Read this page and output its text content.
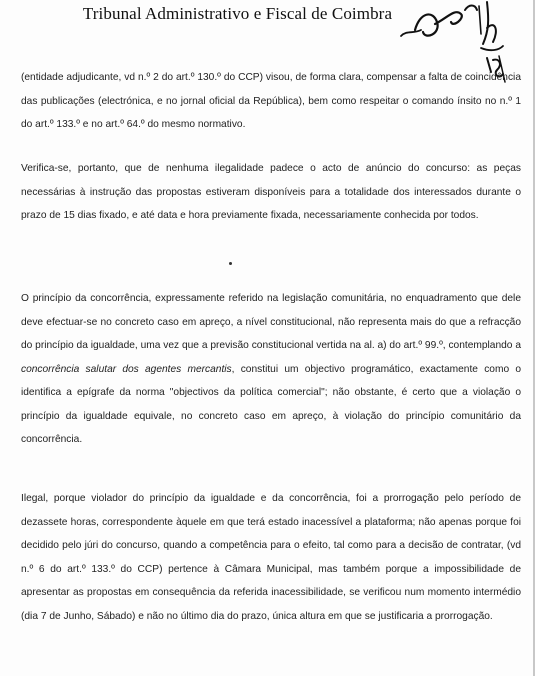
Tribunal Administrativo e Fiscal de Coimbra
(entidade adjudicante, vd n.º 2 do art.º 130.º do CCP) visou, de forma clara, compensar a falta de coincidência das publicações (electrónica, e no jornal oficial da República), bem como respeitar o comando ínsito no n.º 1 do art.º 133.º e no art.º 64.º do mesmo normativo.
Verifica-se, portanto, que de nenhuma ilegalidade padece o acto de anúncio do concurso: as peças necessárias à instrução das propostas estiveram disponíveis para a totalidade dos interessados durante o prazo de 15 dias fixado, e até data e hora previamente fixada, necessariamente conhecida por todos.
O princípio da concorrência, expressamente referido na legislação comunitária, no enquadramento que dele deve efectuar-se no concreto caso em apreço, a nível constitucional, não representa mais do que a refracção do princípio da igualdade, uma vez que a previsão constitucional vertida na al. a) do art.º 99.º, contemplando a concorrência salutar dos agentes mercantis, constitui um objectivo programático, exactamente como o identifica a epígrafe da norma "objectivos da política comercial"; não obstante, é certo que a violação o princípio da igualdade equivale, no concreto caso em apreço, à violação do princípio comunitário da concorrência.
Ilegal, porque violador do princípio da igualdade e da concorrência, foi a prorrogação pelo período de dezassete horas, correspondente àquele em que terá estado inacessível a plataforma; não apenas porque foi decidido pelo júri do concurso, quando a competência para o efeito, tal como para a decisão de contratar, (vd n.º 6 do art.º 133.º do CCP) pertence à Câmara Municipal, mas também porque a impossibilidade de apresentar as propostas em consequência da referida inacessibilidade, se verificou num momento intermédio (dia 7 de Junho, Sábado) e não no último dia do prazo, única altura em que se justificaria a prorrogação.
